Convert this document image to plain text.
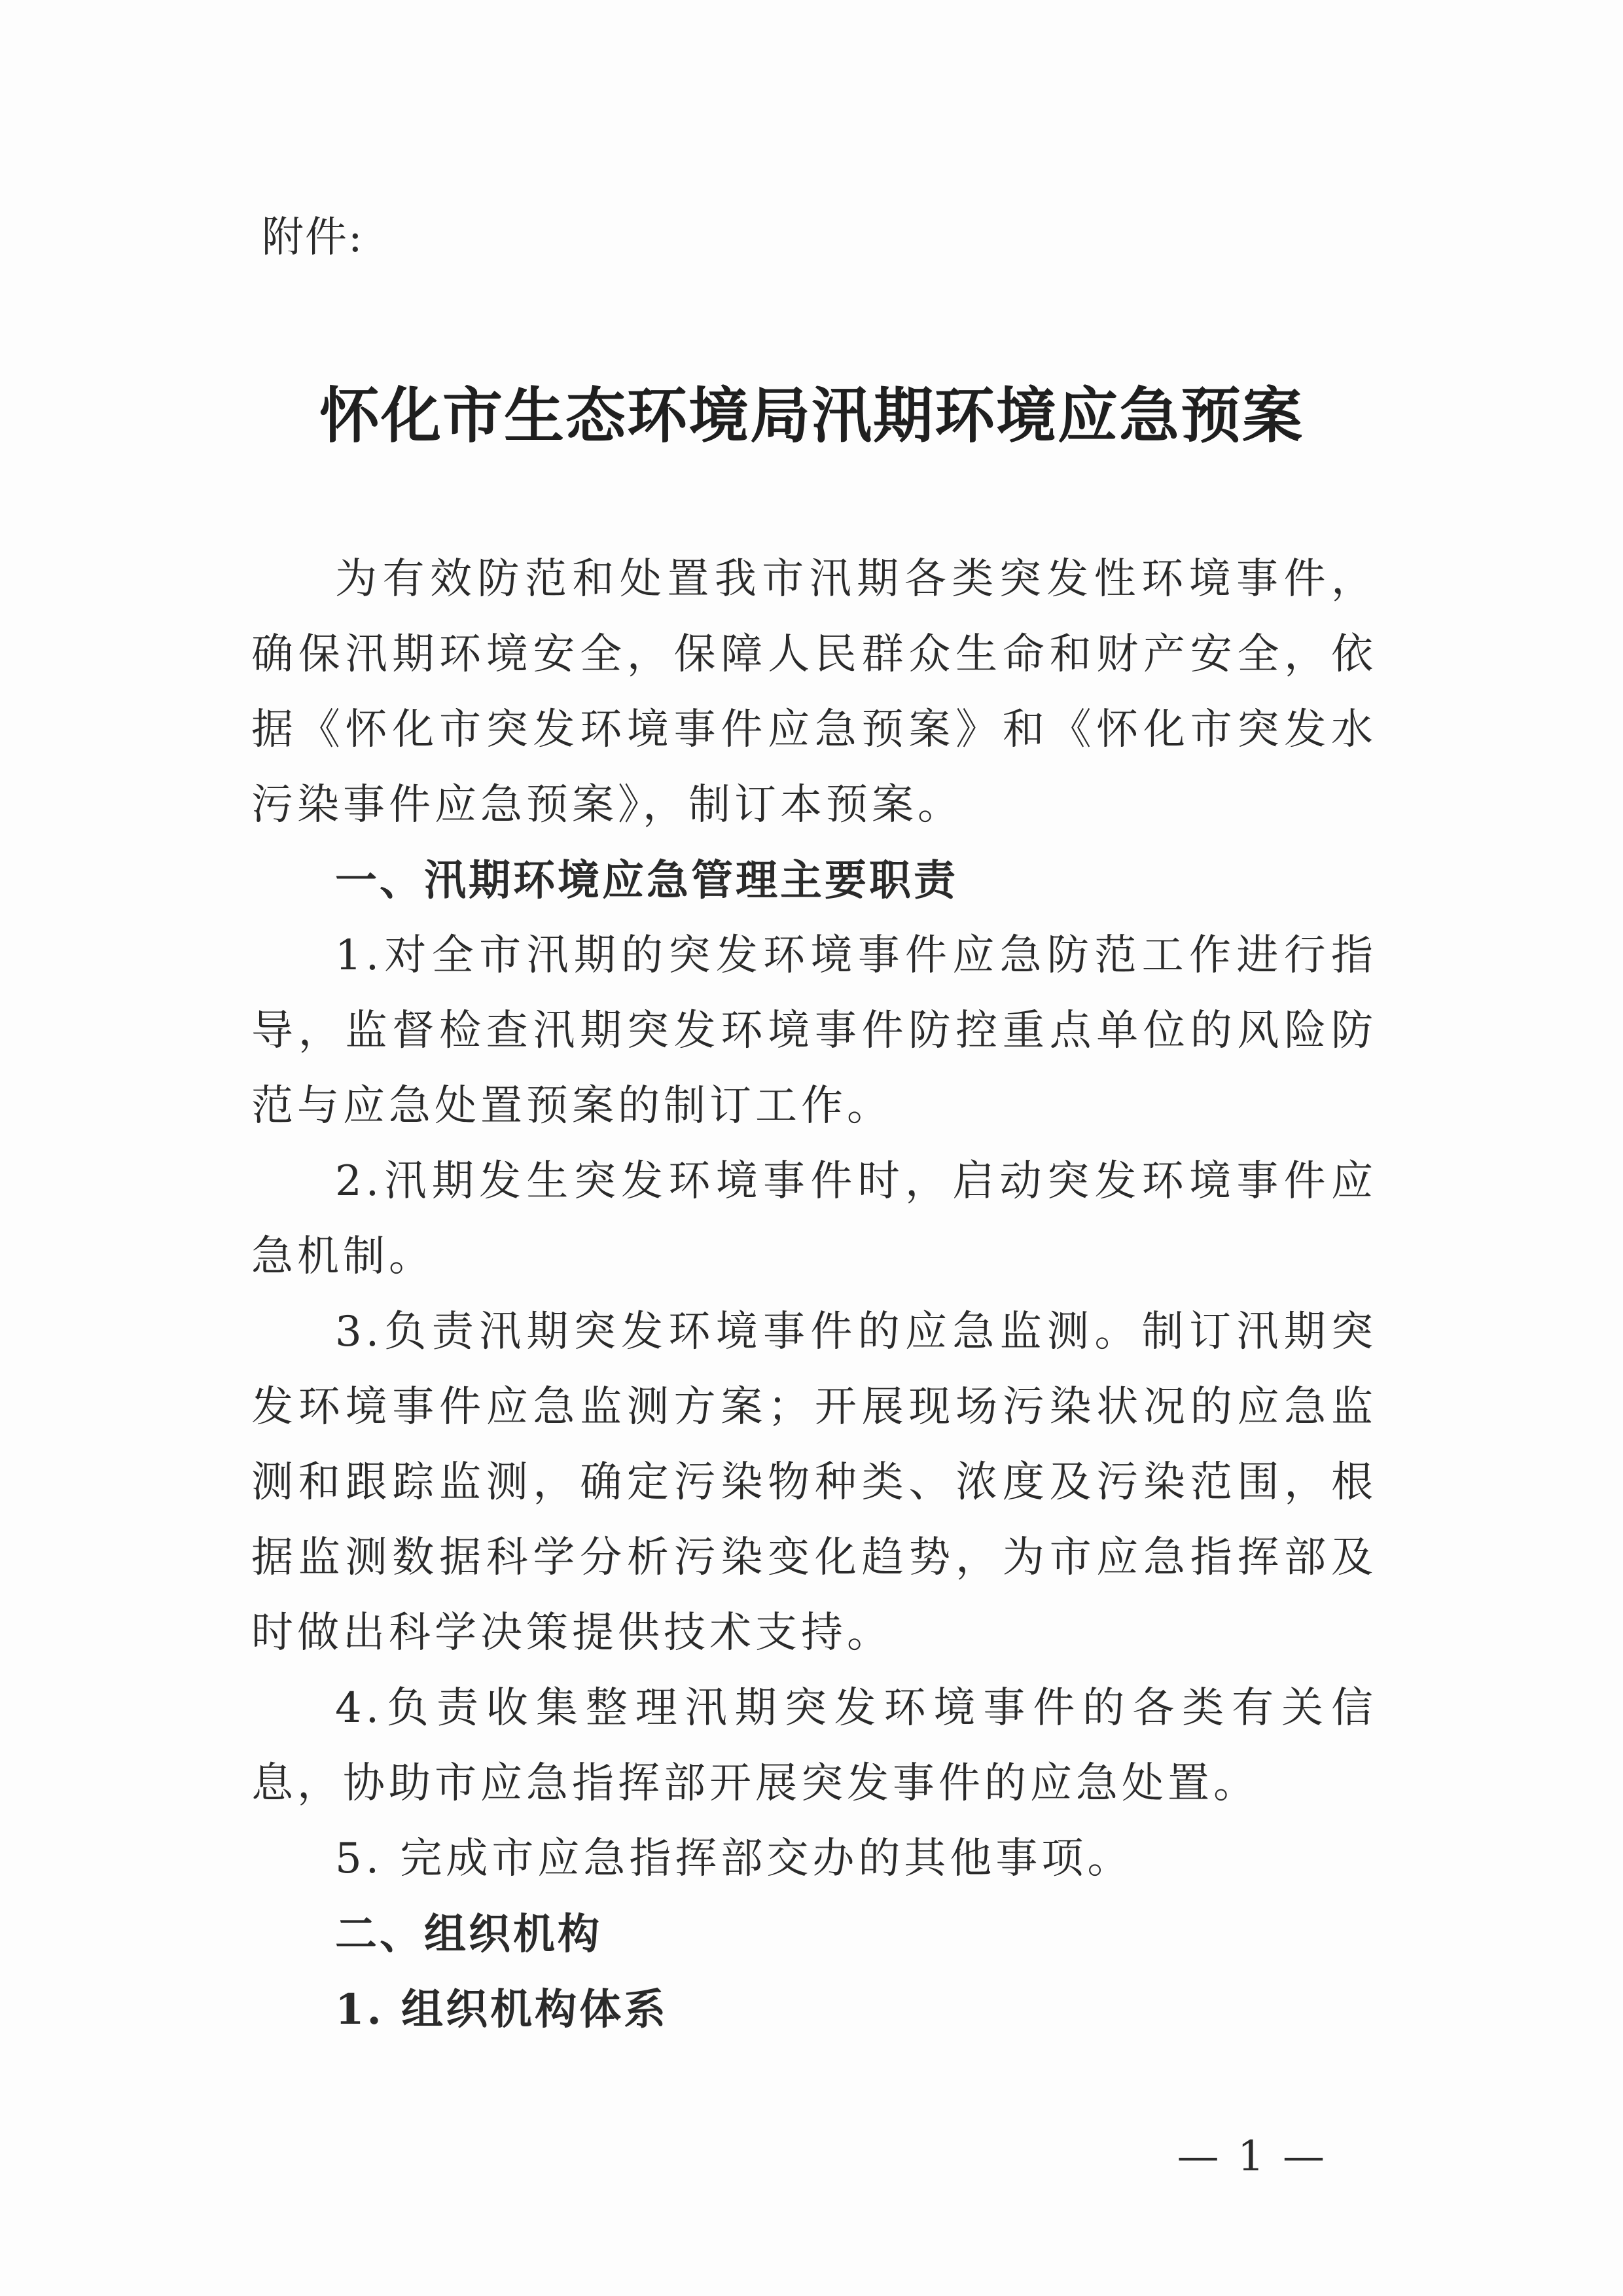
附件:
怀化市生态环境局汛期环境应急预案

为有效防范和处置我市汛期各类突发性环境事件，确保汛期环境安全，保障人民群众生命和财产安全，依据《怀化市突发环境事件应急预案》和《怀化市突发水污染事件应急预案》，制订本预案。

一、汛期环境应急管理主要职责

1.对全市汛期的突发环境事件应急防范工作进行指导，监督检查汛期突发环境事件防控重点单位的风险防范与应急处置预案的制订工作。

2.汛期发生突发环境事件时，启动突发环境事件应急机制。

3.负责汛期突发环境事件的应急监测。制订汛期突发环境事件应急监测方案；开展现场污染状况的应急监测和跟踪监测，确定污染物种类、浓度及污染范围，根据监测数据科学分析污染变化趋势，为市应急指挥部及时做出科学决策提供技术支持。

4.负责收集整理汛期突发环境事件的各类有关信息，协助市应急指挥部开展突发事件的应急处置。

5. 完成市应急指挥部交办的其他事项。

二、组织机构

1. 组织机构体系

— 1 —
